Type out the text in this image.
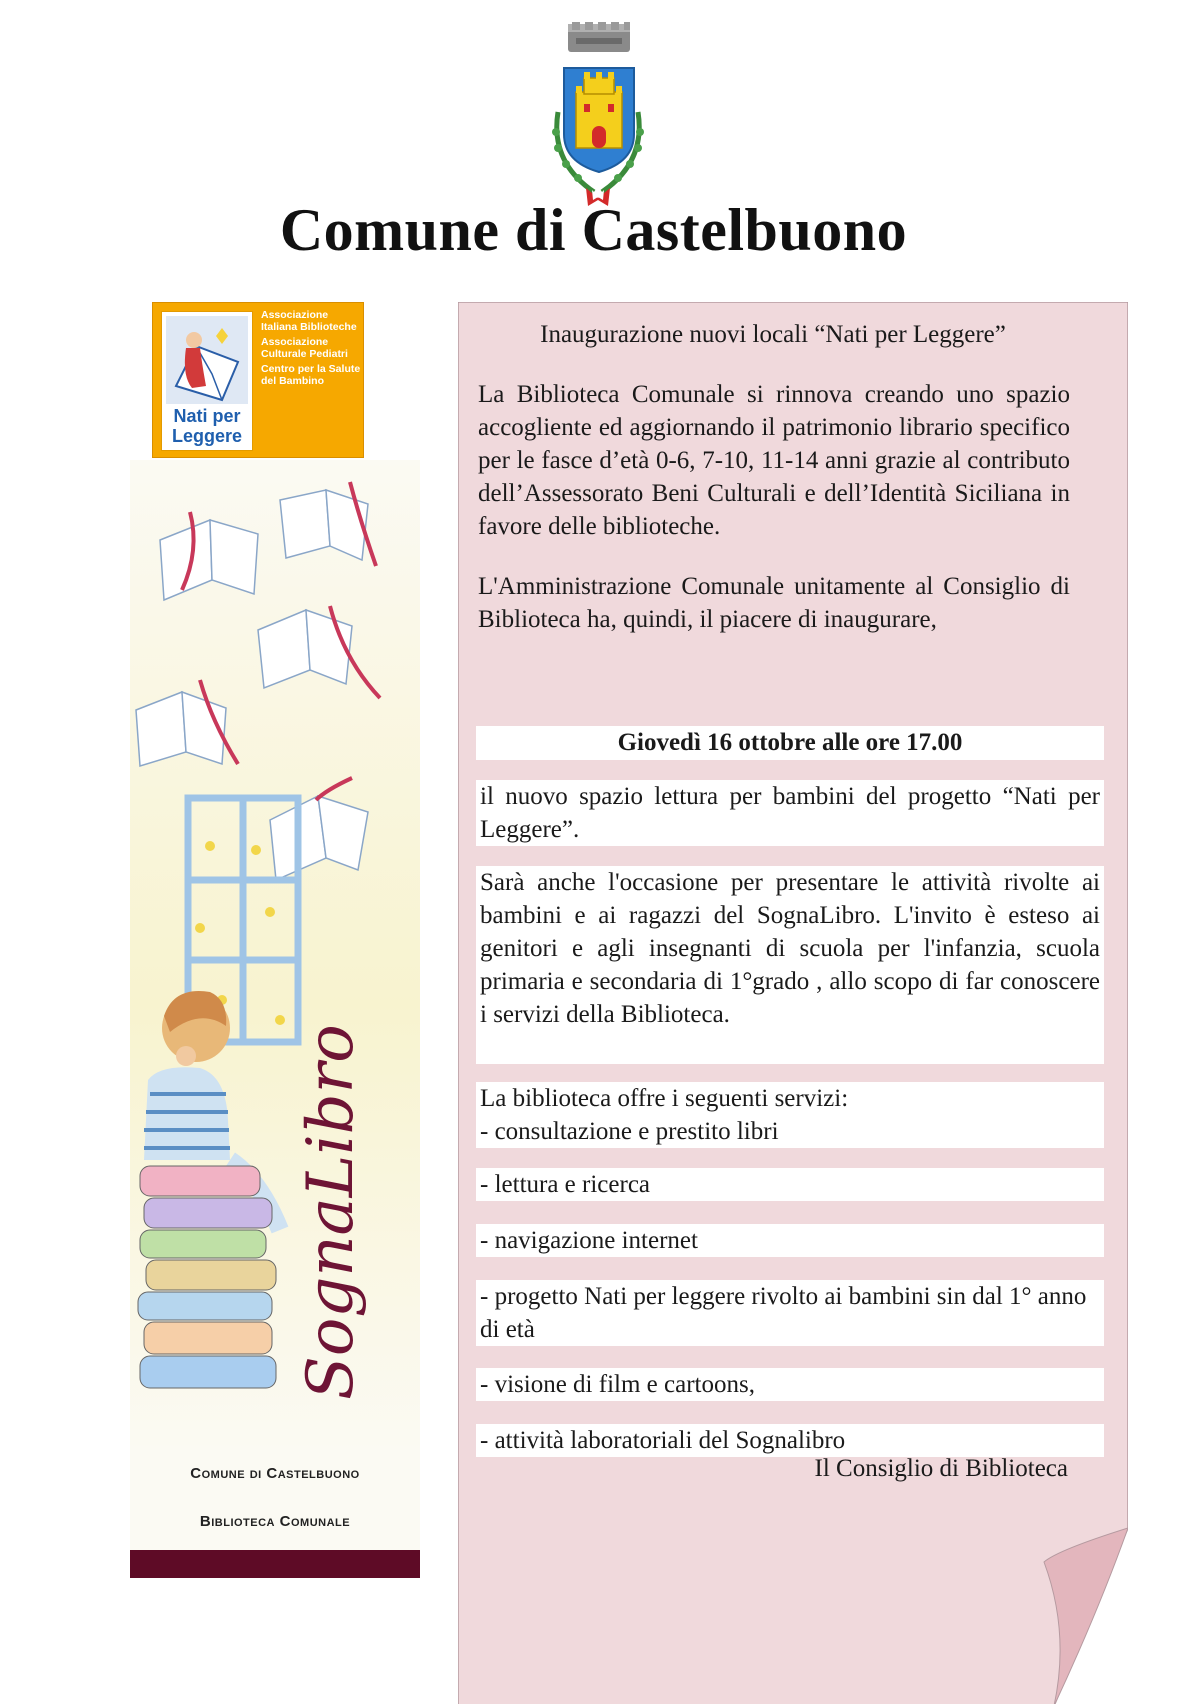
Comune di Castelbuono
Nati per
Leggere
Associazione Italiana Biblioteche
Associazione Culturale Pediatri
Centro per la Salute del Bambino
SognaLibro
Comune di Castelbuono
Biblioteca Comunale
Inaugurazione nuovi locali “Nati per Leggere”

La Biblioteca Comunale si rinnova creando uno spazio accogliente ed aggiornando il patrimonio librario specifico per le fasce d’età 0-6, 7-10, 11-14 anni grazie al contributo dell’Assessorato Beni Culturali e dell’Identità Siciliana in favore delle biblioteche.

L'Amministrazione Comunale unitamente al Consiglio di Biblioteca ha, quindi, il piacere di inaugurare,

Giovedì 16 ottobre alle ore 17.00
il nuovo spazio lettura per bambini del progetto “Nati per Leggere”.
Sarà anche l'occasione per presentare le attività rivolte ai bambini e ai ragazzi del SognaLibro. L'invito è esteso ai genitori e agli insegnanti di scuola per l'infanzia, scuola primaria e secondaria di 1°grado , allo scopo di far conoscere i servizi della Biblioteca.
La biblioteca offre i seguenti servizi:
- consultazione e prestito libri
- lettura e ricerca
- navigazione internet
- progetto Nati per leggere rivolto ai bambini sin dal 1° anno di età
- visione di film e cartoons,
- attività laboratoriali del Sognalibro
Il Consiglio di Biblioteca
